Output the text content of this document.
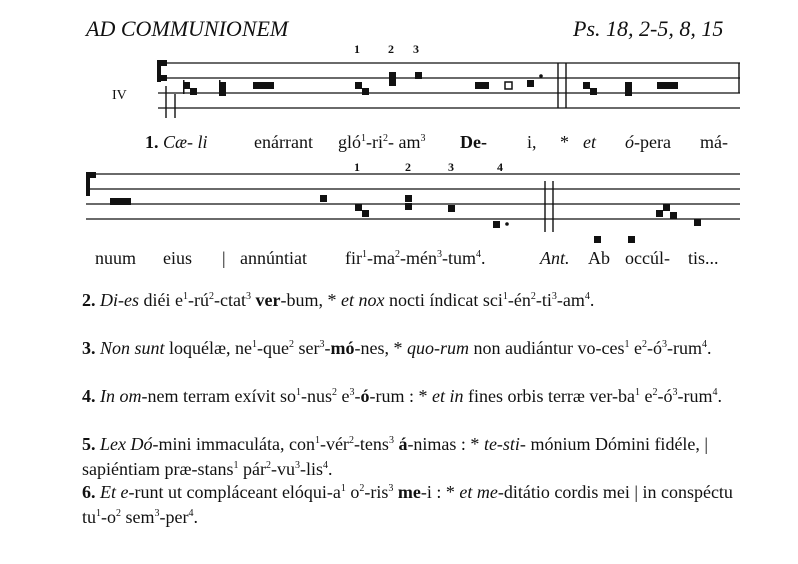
AD COMMUNIONEM	Ps. 18, 2-5, 8, 15
IV
1 2 3
1. Cæ- li	enárrant $gló^1-ri^2-$ $am^3$ De- i, * et ó-pera má-
1	2	3	4
nuum eius | annúntiat $fir^1-ma^2-mén^3-tum^4$.	Ant. Ab occúl- tis...
2. Di-es diéi $e^1-rú^2-ctat^3$ ver-bum, * et nox nocti índicat $sci^1-én^2-ti^3-am^4$.
3. Non sunt loquélæ, $ne^1-que^2$ ser$^3$-mó-nes, * quo-rum non audiántur vo-ces$^1$ $e^2-ó^3-rum^4$.
4. In om-nem terram exívit $so^1-nus^2$ $e^3-ó$-rum : * et in fines orbis terræ ver-$ba^1$ $e^2-ó^3-rum^4$.
5. Lex Dó-mini immaculáta, con$^1$-vér$^2$-tens$^3$ á-nimas : * te-sti- mónium Dómini fidéle, | sapiéntiam præ-stans$^1$ $pár^2-vu^3-lis^4$.
6. Et e-runt ut compláceant elóqui-$a^1$ $o^2-ris^3$ me-i : * et me-ditátio cordis mei | in conspéctu $tu^1-o^2$ sem$^3$-per$^4$.
